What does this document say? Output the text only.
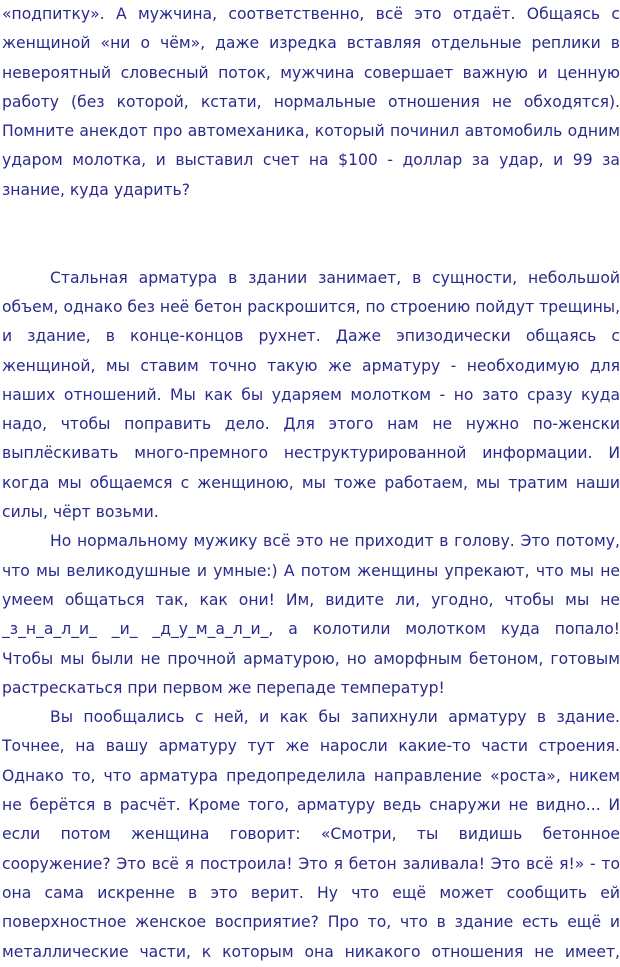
«подпитку». А мужчина, соответственно, всё это отдаёт. Общаясь с
женщиной «ни о чём», даже изредка вставляя отдельные реплики в
невероятный словесный поток, мужчина совершает важную и ценную
работу (без которой, кстати, нормальные отношения не обходятся).
Помните анекдот про автомеханика, который починил автомобиль одним
ударом молотка, и выставил счет на $100 - доллар за удар, и 99 за
знание, куда ударить?
Стальная арматура в здании занимает, в сущности, небольшой
объем, однако без неё бетон раскрошится, по строению пойдут трещины,
и здание, в конце-концов рухнет. Даже эпизодически общаясь с
женщиной, мы ставим точно такую же арматуру - необходимую для
наших отношений. Мы как бы ударяем молотком - но зато сразу куда
надо, чтобы поправить дело. Для этого нам не нужно по-женски
выплёскивать много-премного неструктурированной информации. И
когда мы общаемся с женщиною, мы тоже работаем, мы тратим наши
силы, чёрт возьми.
Но нормальному мужику всё это не приходит в голову. Это потому,
что мы великодушные и умные:) А потом женщины упрекают, что мы не
умеем общаться так, как они! Им, видите ли, угодно, чтобы мы не
_з_н_а_л_и_ _и_ _д_у_м_а_л_и_, а колотили молотком куда попало!
Чтобы мы были не прочной арматурою, но аморфным бетоном, готовым
растрескаться при первом же перепаде температур!
Вы пообщались с ней, и как бы запихнули арматуру в здание.
Точнее, на вашу арматуру тут же наросли какие-то части строения.
Однако то, что арматура предопределила направление «роста», никем
не берётся в расчёт. Кроме того, арматуру ведь снаружи не видно... И
если потом женщина говорит: «Смотри, ты видишь бетонное
сооружение? Это всё я построила! Это я бетон заливала! Это всё я!» - то
она сама искренне в это верит. Ну что ещё может сообщить ей
поверхностное женское восприятие? Про то, что в здание есть ещё и
металлические части, к которым она никакого отношения не имеет,
